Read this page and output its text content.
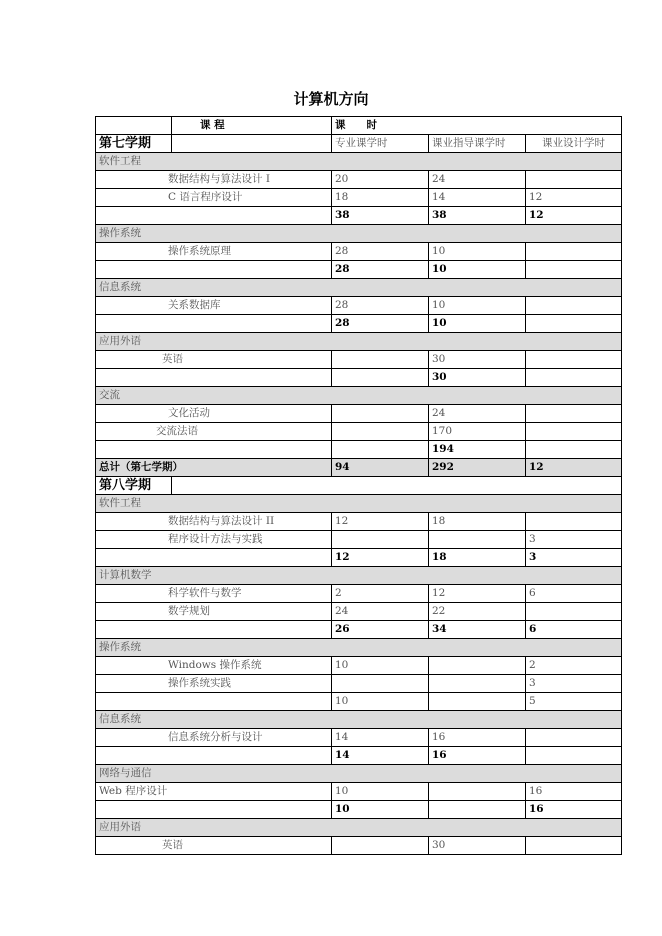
计算机方向
	课 程	课　　时		
第七学期		专业课学时	课业指导课学时	课业设计学时
软件工程				
数据结构与算法设计 I		20	24	
C 语言程序设计		18	14	12
		38	38	12
操作系统				
操作系统原理		28	10	
		28	10	
信息系统				
关系数据库		28	10	
		28	10	
应用外语				
英语			30	
			30	
交流				
文化活动			24	
交流法语			170	
			194	
总计（第七学期）		94	292	12
第八学期				
软件工程				
数据结构与算法设计 II		12	18	
程序设计方法与实践				3
		12	18	3
计算机数学				
科学软件与数学		2	12	6
数学规划		24	22	
		26	34	6
操作系统				
Windows 操作系统		10		2
操作系统实践				3
		10		5
信息系统				
信息系统分析与设计		14	16	
		14	16	
网络与通信				
Web 程序设计		10		16
		10		16
应用外语				
英语			30	
